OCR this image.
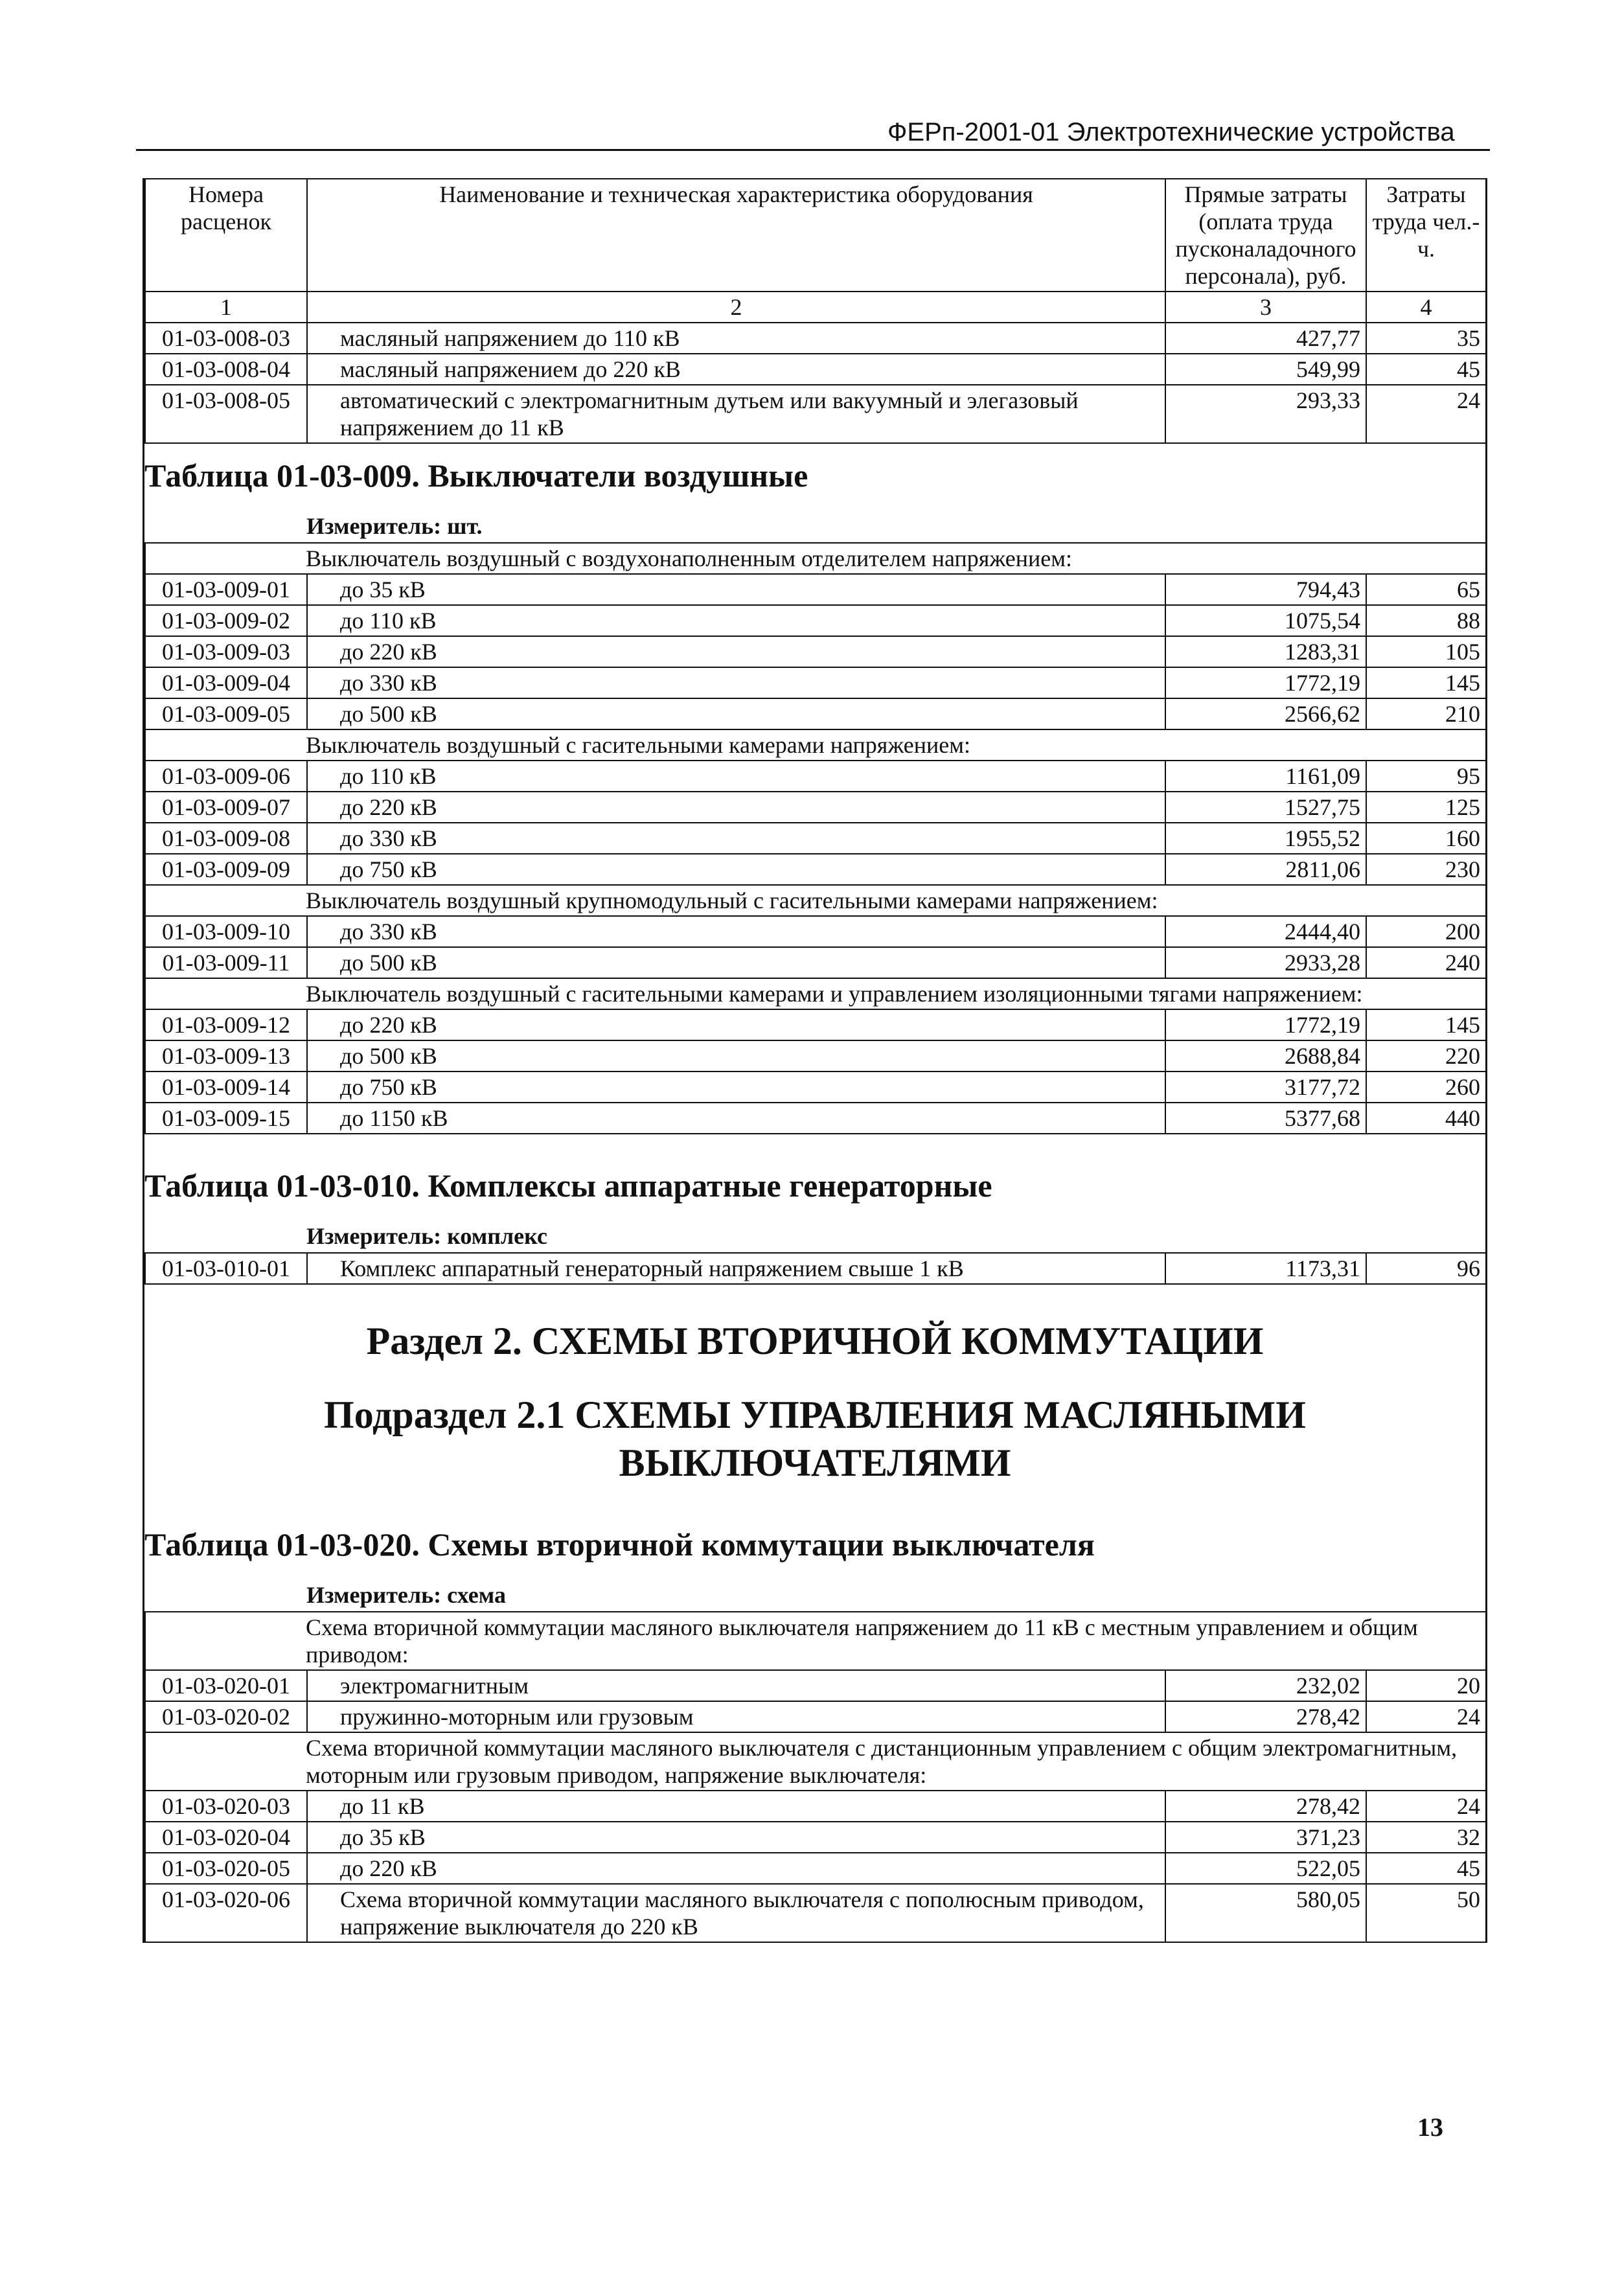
ФЕРп-2001-01 Электротехнические устройства
Номера расценок	Наименование и техническая характеристика оборудования	Прямые затраты (оплата труда пусконаладочного персонала), руб.	Затраты труда чел.-ч.
1	2	3	4
01-03-008-03	масляный напряжением до 110 кВ	427,77	35
01-03-008-04	масляный напряжением до 220 кВ	549,99	45
01-03-008-05	автоматический с электромагнитным дутьем или вакуумный и элегазовый напряжением до 11 кВ	293,33	24
Таблица 01-03-009. Выключатели воздушные
Измеритель: шт.
Выключатель воздушный с воздухонаполненным отделителем напряжением:			
01-03-009-01	до 35 кВ	794,43	65
01-03-009-02	до 110 кВ	1075,54	88
01-03-009-03	до 220 кВ	1283,31	105
01-03-009-04	до 330 кВ	1772,19	145
01-03-009-05	до 500 кВ	2566,62	210
Выключатель воздушный с гасительными камерами напряжением:			
01-03-009-06	до 110 кВ	1161,09	95
01-03-009-07	до 220 кВ	1527,75	125
01-03-009-08	до 330 кВ	1955,52	160
01-03-009-09	до 750 кВ	2811,06	230
Выключатель воздушный крупномодульный с гасительными камерами напряжением:			
01-03-009-10	до 330 кВ	2444,40	200
01-03-009-11	до 500 кВ	2933,28	240
Выключатель воздушный с гасительными камерами и управлением изоляционными тягами напряжением:			
01-03-009-12	до 220 кВ	1772,19	145
01-03-009-13	до 500 кВ	2688,84	220
01-03-009-14	до 750 кВ	3177,72	260
01-03-009-15	до 1150 кВ	5377,68	440
Таблица 01-03-010. Комплексы аппаратные генераторные
Измеритель: комплекс
01-03-010-01	Комплекс аппаратный генераторный напряжением свыше 1 кВ	1173,31	96
Раздел 2. СХЕМЫ ВТОРИЧНОЙ КОММУТАЦИИ
Подраздел 2.1 СХЕМЫ УПРАВЛЕНИЯ МАСЛЯНЫМИ
ВЫКЛЮЧАТЕЛЯМИ
Таблица 01-03-020. Схемы вторичной коммутации выключателя
Измеритель: схема
Схема вторичной коммутации масляного выключателя напряжением до 11 кВ с местным управлением и общим приводом:			
01-03-020-01	электромагнитным	232,02	20
01-03-020-02	пружинно-моторным или грузовым	278,42	24
Схема вторичной коммутации масляного выключателя с дистанционным управлением с общим электромагнитным, моторным или грузовым приводом, напряжение выключателя:			
01-03-020-03	до 11 кВ	278,42	24
01-03-020-04	до 35 кВ	371,23	32
01-03-020-05	до 220 кВ	522,05	45
01-03-020-06	Схема вторичной коммутации масляного выключателя с пополюсным приводом, напряжение выключателя до 220 кВ	580,05	50
13
